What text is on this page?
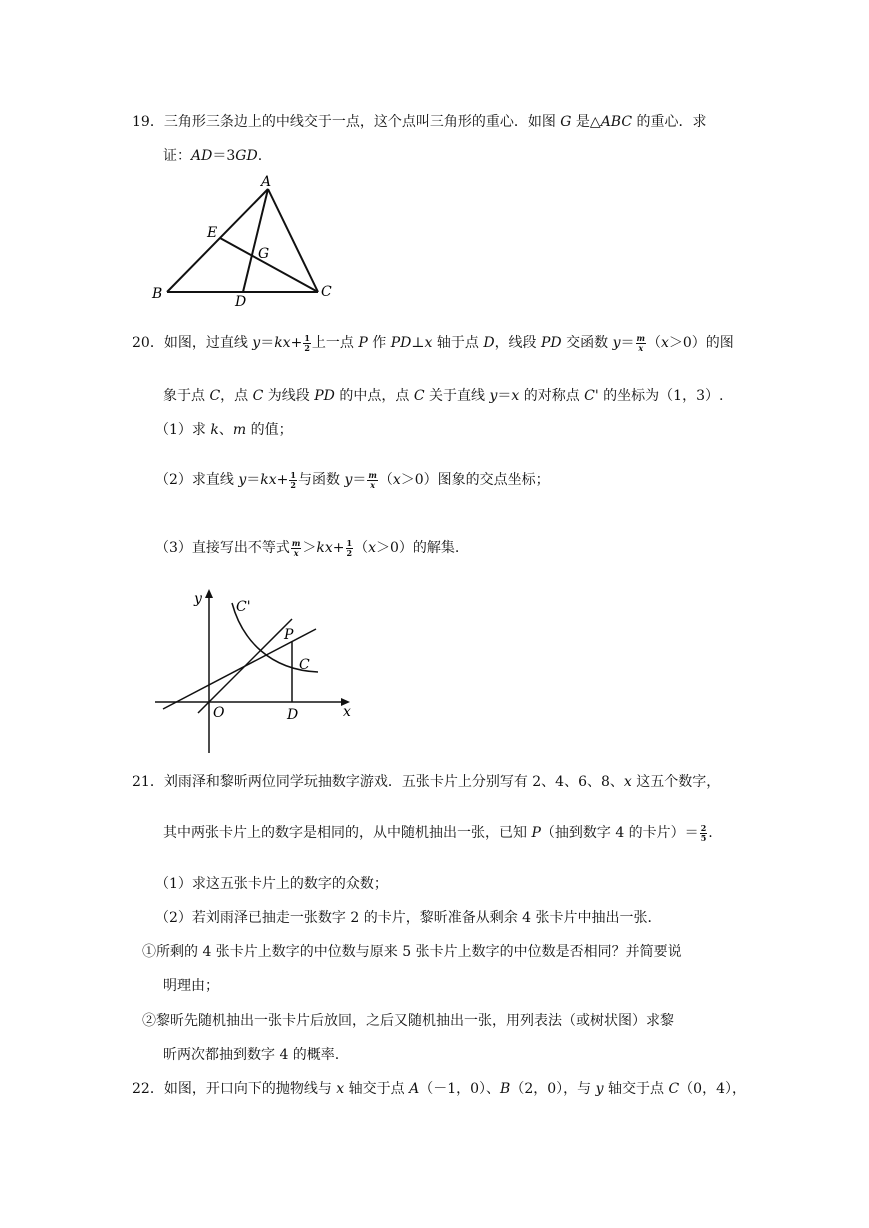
19．三角形三条边上的中线交于一点，这个点叫三角形的重心．如图 G 是△ABC 的重心．求
证：AD＝3GD.
A
E
G
B	D
C
20．如图，过直线 $y=kx+ \frac{1}{2}$ 上一点 P 作 PD⊥x 轴于点 D，线段 PD 交函数 $y= \frac{m}{x} (x>0)$的图
象于点 C，点 C 为线段 PD 的中点，点 C 关于直线 y＝x 的对称点 C' 的坐标为（1，3）.
（1）求 k、m 的值；
（2）求直线 $y=kx+ \frac{1}{2}$ 与函数 $y= \frac{m}{x} (x>0)$图象的交点坐标；
（3）直接写出不等式 $\frac{m}{x} >kx+ \frac{1}{2} (x>0)$的解集.
y C'
P
C
O	D	x
21．刘雨泽和黎昕两位同学玩抽数字游戏．五张卡片上分别写有 2、4、6、8、x 这五个数字，
其中两张卡片上的数字是相同的，从中随机抽出一张，已知 P（抽到数字 4 的卡片）＝ $\frac{2}{5}$ .
（1）求这五张卡片上的数字的众数；
（2）若刘雨泽已抽走一张数字 2 的卡片，黎昕准备从剩余 4 张卡片中抽出一张．
①所剩的 4 张卡片上数字的中位数与原来 5 张卡片上数字的中位数是否相同？并简要说
明理由；
②黎昕先随机抽出一张卡片后放回，之后又随机抽出一张，用列表法（或树状图）求黎
昕两次都抽到数字 4 的概率.
22．如图，开口向下的抛物线与 x 轴交于点 A（－1，0）、B（2，0），与 y 轴交于点 C（0，4），
